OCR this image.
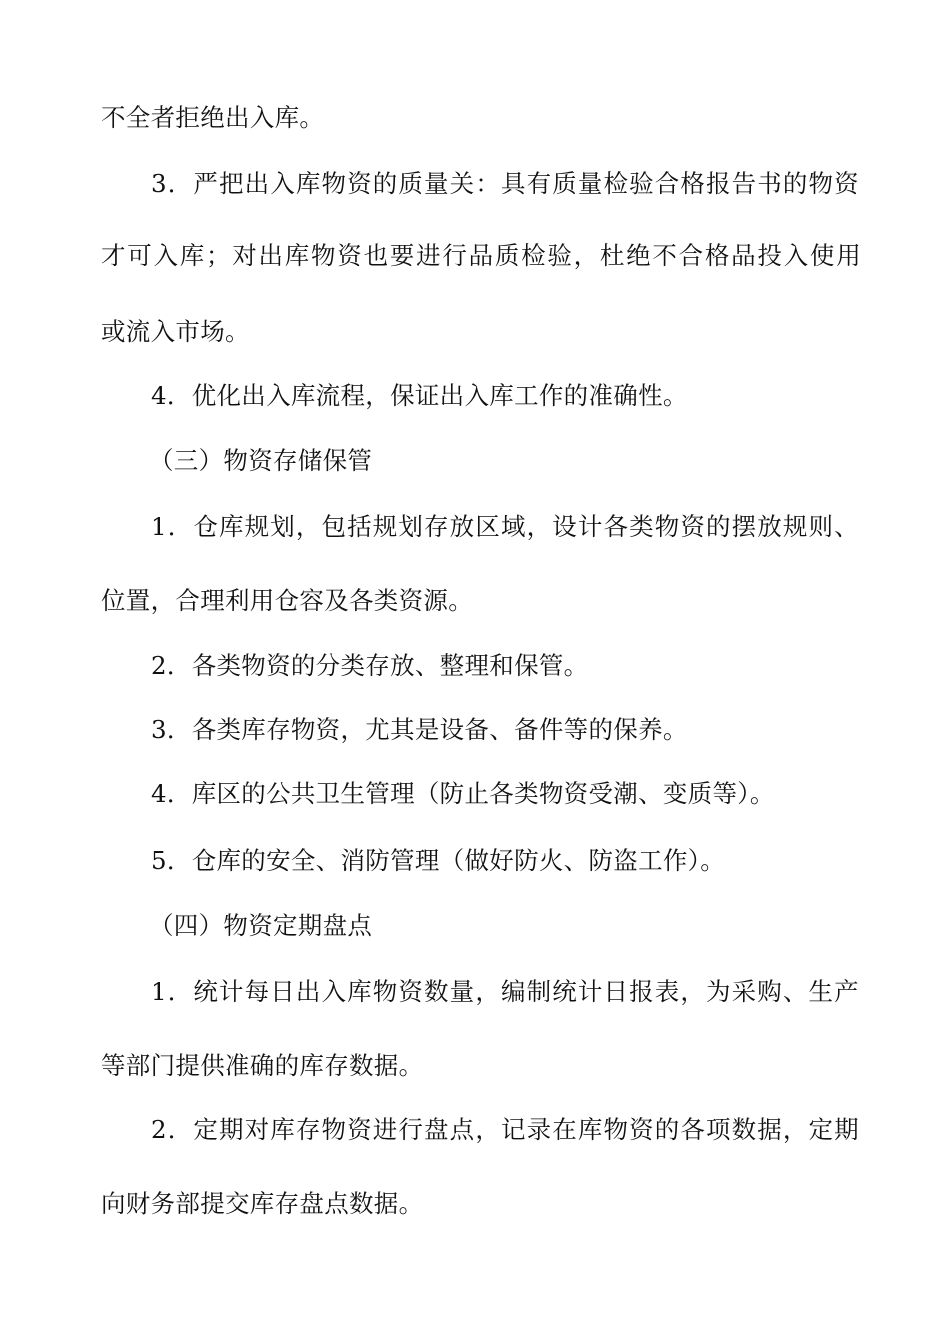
不全者拒绝出入库。
3．严把出入库物资的质量关：具有质量检验合格报告书的物资
才可入库；对出库物资也要进行品质检验，杜绝不合格品投入使用
或流入市场。
4．优化出入库流程，保证出入库工作的准确性。
（三）物资存储保管
1．仓库规划，包括规划存放区域，设计各类物资的摆放规则、
位置，合理利用仓容及各类资源。
2．各类物资的分类存放、整理和保管。
3．各类库存物资，尤其是设备、备件等的保养。
4．库区的公共卫生管理（防止各类物资受潮、变质等）。
5．仓库的安全、消防管理（做好防火、防盗工作）。
（四）物资定期盘点
1．统计每日出入库物资数量，编制统计日报表，为采购、生产
等部门提供准确的库存数据。
2．定期对库存物资进行盘点，记录在库物资的各项数据，定期
向财务部提交库存盘点数据。
